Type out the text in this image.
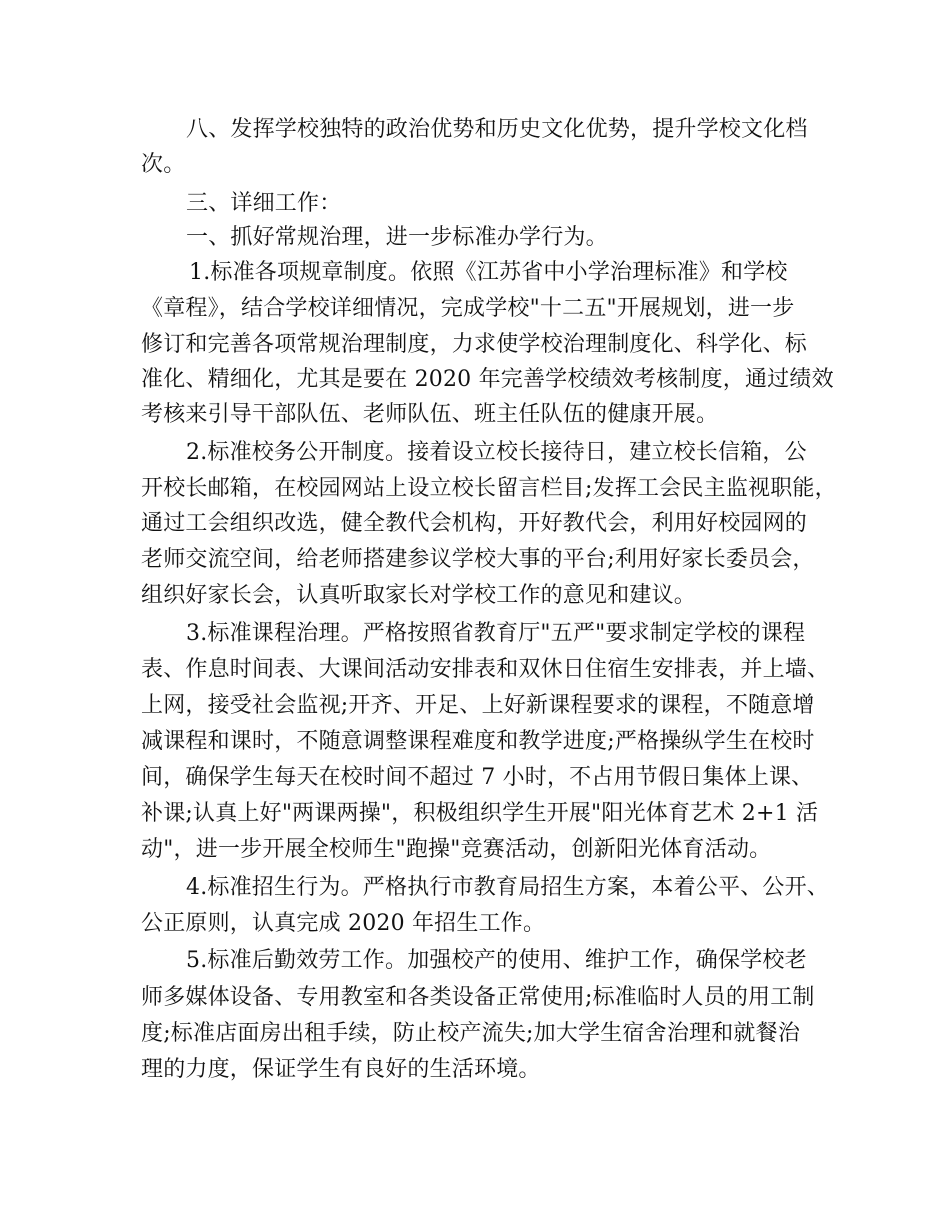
八、发挥学校独特的政治优势和历史文化优势，提升学校文化档
次。
三、详细工作：
一、抓好常规治理，进一步标准办学行为。
1.标准各项规章制度。依照《江苏省中小学治理标准》和学校
《章程》，结合学校详细情况，完成学校"十二五"开展规划，进一步
修订和完善各项常规治理制度，力求使学校治理制度化、科学化、标
准化、精细化，尤其是要在 2020 年完善学校绩效考核制度，通过绩效
考核来引导干部队伍、老师队伍、班主任队伍的健康开展。
2.标准校务公开制度。接着设立校长接待日，建立校长信箱，公
开校长邮箱，在校园网站上设立校长留言栏目;发挥工会民主监视职能，
通过工会组织改选，健全教代会机构，开好教代会，利用好校园网的
老师交流空间，给老师搭建参议学校大事的平台;利用好家长委员会，
组织好家长会，认真听取家长对学校工作的意见和建议。
3.标准课程治理。严格按照省教育厅"五严"要求制定学校的课程
表、作息时间表、大课间活动安排表和双休日住宿生安排表，并上墙、
上网，接受社会监视;开齐、开足、上好新课程要求的课程，不随意增
减课程和课时，不随意调整课程难度和教学进度;严格操纵学生在校时
间，确保学生每天在校时间不超过 7 小时，不占用节假日集体上课、
补课;认真上好"两课两操"，积极组织学生开展"阳光体育艺术 2+1 活
动"，进一步开展全校师生"跑操"竞赛活动，创新阳光体育活动。
4.标准招生行为。严格执行市教育局招生方案，本着公平、公开、
公正原则，认真完成 2020 年招生工作。
5.标准后勤效劳工作。加强校产的使用、维护工作，确保学校老
师多媒体设备、专用教室和各类设备正常使用;标准临时人员的用工制
度;标准店面房出租手续，防止校产流失;加大学生宿舍治理和就餐治
理的力度，保证学生有良好的生活环境。
